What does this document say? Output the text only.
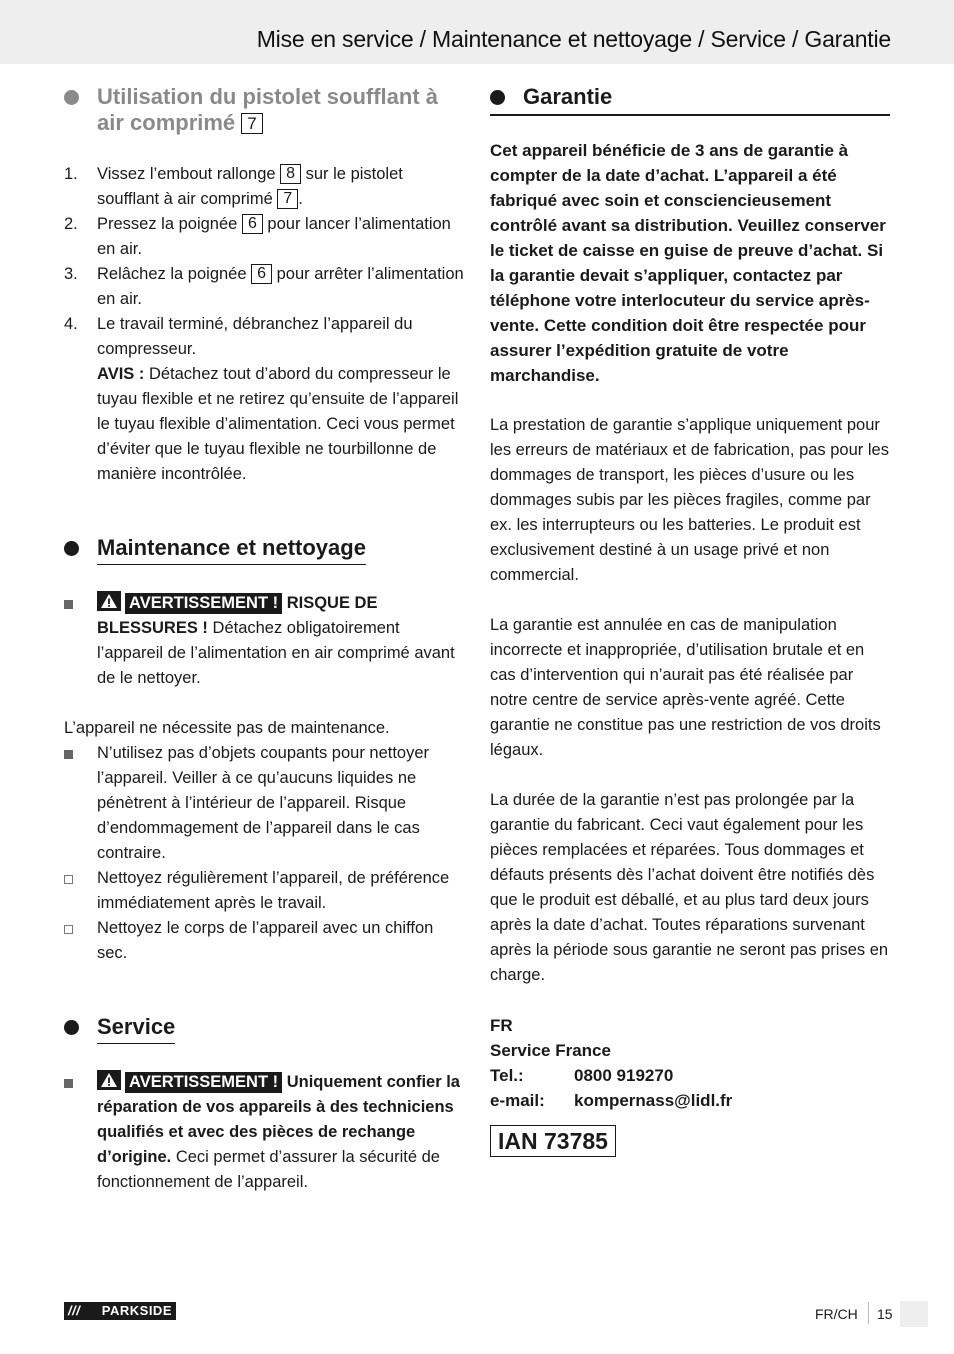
Mise en service / Maintenance et nettoyage / Service / Garantie
Utilisation du pistolet soufflant à air comprimé 7
1. Vissez l’embout rallonge 8 sur le pistolet soufflant à air comprimé 7 .
2. Pressez la poignée 6 pour lancer l’alimentation en air.
3. Relâchez la poignée 6 pour arrêter l’alimentation en air.
4. Le travail terminé, débranchez l’appareil du compresseur.
AVIS : Détachez tout d’abord du compresseur le tuyau flexible et ne retirez qu’ensuite de l’appareil le tuyau flexible d’alimentation. Ceci vous permet d’éviter que le tuyau flexible ne tourbillonne de manière incontrôlée.
Maintenance et nettoyage
AVERTISSEMENT ! RISQUE DE BLESSURES ! Détachez obligatoirement l’appareil de l’alimentation en air comprimé avant de le nettoyer.

L’appareil ne nécessite pas de maintenance.

N’utilisez pas d’objets coupants pour nettoyer l’appareil. Veiller à ce qu’aucuns liquides ne pénètrent à l’intérieur de l’appareil. Risque d’endommagement de l’appareil dans le cas contraire.
Nettoyez régulièrement l’appareil, de préférence immédiatement après le travail.
Nettoyez le corps de l’appareil avec un chiffon sec.
Service
AVERTISSEMENT ! Uniquement confier la réparation de vos appareils à des techniciens qualifiés et avec des pièces de rechange d’origine. Ceci permet d’assurer la sécurité de fonctionnement de l’appareil.
Garantie

Cet appareil bénéficie de 3 ans de garantie à compter de la date d’achat. L’appareil a été fabriqué avec soin et consciencieusement contrôlé avant sa distribution. Veuillez conserver le ticket de caisse en guise de preuve d’achat. Si la garantie devait s’appliquer, contactez par téléphone votre interlocuteur du service après-vente. Cette condition doit être respectée pour assurer l’expédition gratuite de votre marchandise.

La prestation de garantie s’applique uniquement pour les erreurs de matériaux et de fabrication, pas pour les dommages de transport, les pièces d’usure ou les dommages subis par les pièces fragiles, comme par ex. les interrupteurs ou les batteries. Le produit est exclusivement destiné à un usage privé et non commercial.

La garantie est annulée en cas de manipulation incorrecte et inappropriée, d’utilisation brutale et en cas d’intervention qui n’aurait pas été réalisée par notre centre de service après-vente agréé. Cette garantie ne constitue pas une restriction de vos droits légaux.

La durée de la garantie n’est pas prolongée par la garantie du fabricant. Ceci vaut également pour les pièces remplacées et réparées. Tous dommages et défauts présents dès l’achat doivent être notifiés dès que le produit est déballé, et au plus tard deux jours après la date d’achat. Toutes réparations survenant après la période sous garantie ne seront pas prises en charge.

FR
Service France
Tel.:	0800 919270
e-mail: kompernass@lidl.fr
IAN 73785
/// PARKSIDE	FR/CH 15
